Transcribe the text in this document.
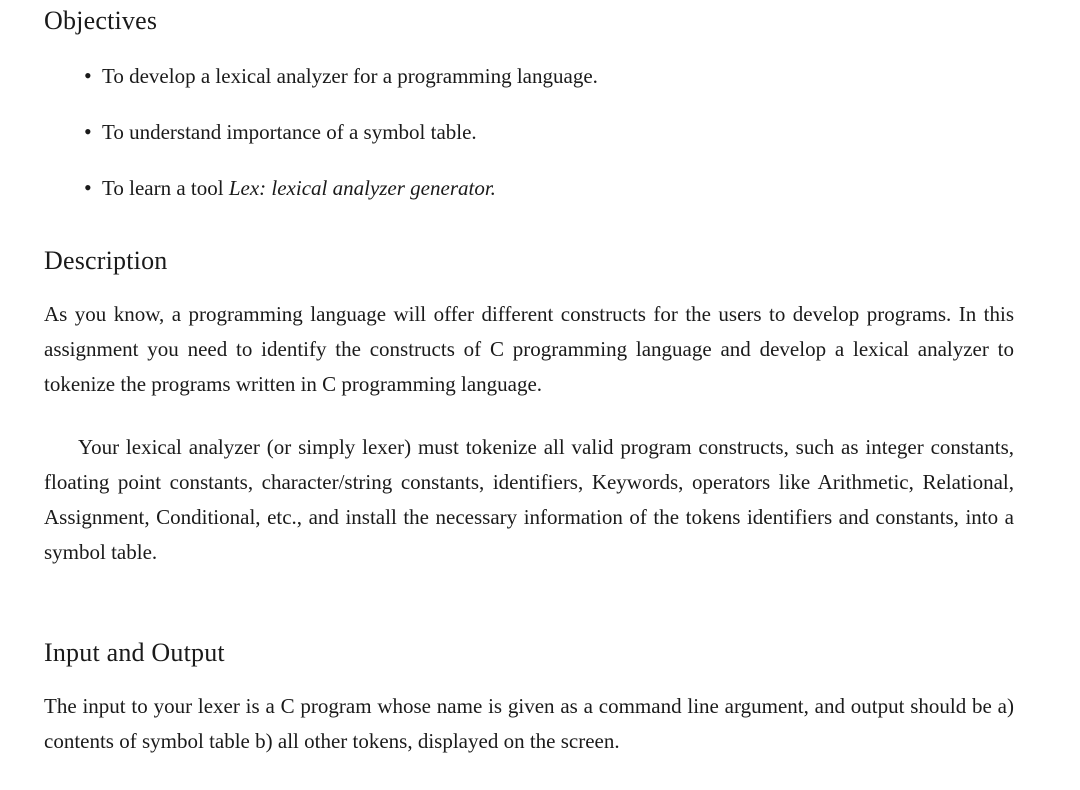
Objectives
• To develop a lexical analyzer for a programming language.
• To understand importance of a symbol table.
• To learn a tool Lex: lexical analyzer generator.
Description

As you know, a programming language will offer different constructs for the users to develop programs. In this assignment you need to identify the constructs of C programming language and develop a lexical analyzer to tokenize the programs written in C programming language.

Your lexical analyzer (or simply lexer) must tokenize all valid program constructs, such as integer constants, floating point constants, character/string constants, identifiers, Keywords, operators like Arithmetic, Relational, Assignment, Conditional, etc., and install the necessary information of the tokens identifiers and constants, into a symbol table.

Input and Output

The input to your lexer is a C program whose name is given as a command line argument, and output should be a) contents of symbol table b) all other tokens, displayed on the screen.
